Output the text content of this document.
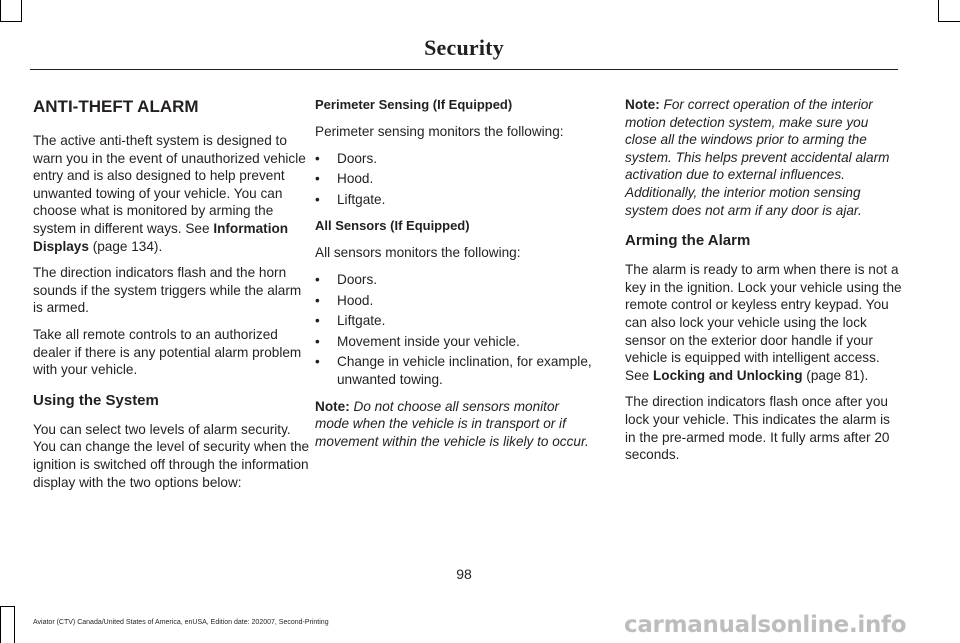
Security
ANTI-THEFT ALARM

The active anti-theft system is designed to warn you in the event of unauthorized vehicle entry and is also designed to help prevent unwanted towing of your vehicle. You can choose what is monitored by arming the system in different ways. See Information Displays (page 134).

The direction indicators flash and the horn sounds if the system triggers while the alarm is armed.

Take all remote controls to an authorized dealer if there is any potential alarm problem with your vehicle.

Using the System

You can select two levels of alarm security. You can change the level of security when the ignition is switched off through the information display with the two options below:

Perimeter Sensing (If Equipped)

Perimeter sensing monitors the following:

• Doors.
• Hood.
• Liftgate.
All Sensors (If Equipped)

All sensors monitors the following:

• Doors.
• Hood.
• Liftgate.
• Movement inside your vehicle.
• Change in vehicle inclination, for example, unwanted towing.

Note: Do not choose all sensors monitor mode when the vehicle is in transport or if movement within the vehicle is likely to occur.

Note: For correct operation of the interior motion detection system, make sure you close all the windows prior to arming the system. This helps prevent accidental alarm activation due to external influences. Additionally, the interior motion sensing system does not arm if any door is ajar.

Arming the Alarm

The alarm is ready to arm when there is not a key in the ignition. Lock your vehicle using the remote control or keyless entry keypad. You can also lock your vehicle using the lock sensor on the exterior door handle if your vehicle is equipped with intelligent access. See Locking and Unlocking (page 81).

The direction indicators flash once after you lock your vehicle. This indicates the alarm is in the pre-armed mode. It fully arms after 20 seconds.

98
Aviator (CTV) Canada/United States of America, enUSA, Edition date: 202007, Second-Printing	carmanualsonline.info
